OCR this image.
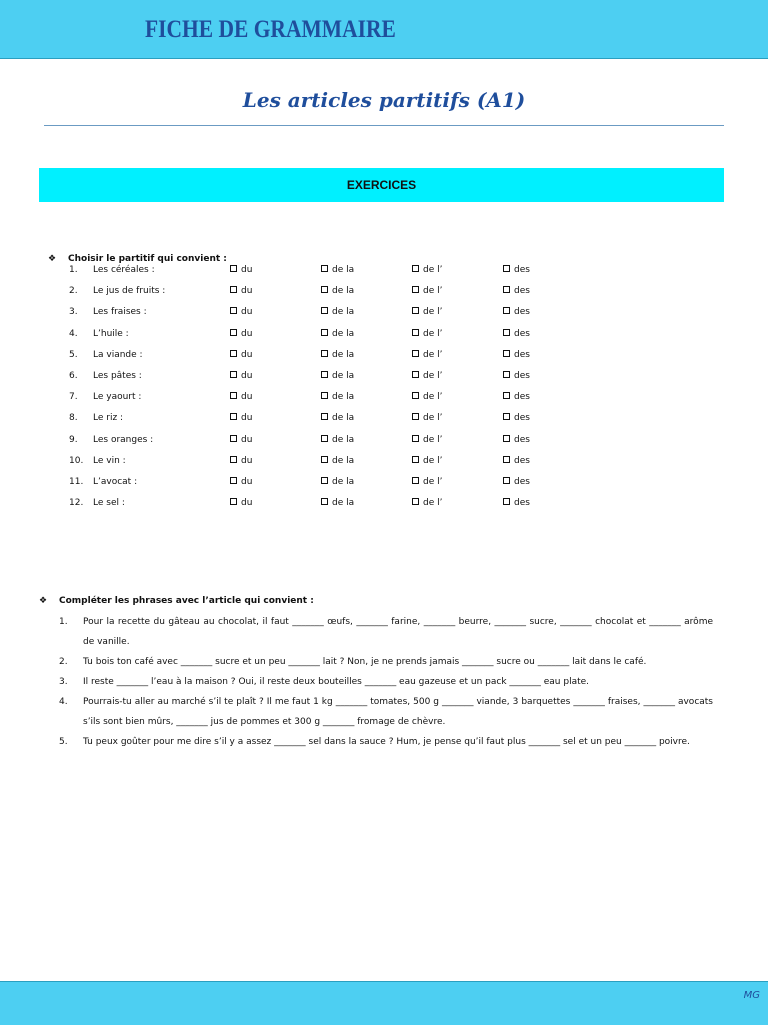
FICHE DE GRAMMAIRE
Les articles partitifs (A1)
EXERCICES
❖ Choisir le partitif qui convient :
1.	Les céréales :	du	de la	de l’	des
2.	Le jus de fruits :	du	de la	de l’	des
3.	Les fraises :	du	de la	de l’	des
4.	L’huile :	du	de la	de l’	des
5.	La viande :	du	de la	de l’	des
6.	Les pâtes :	du	de la	de l’	des
7.	Le yaourt :	du	de la	de l’	des
8.	Le riz :	du	de la	de l’	des
9.	Les oranges :	du	de la	de l’	des
10.	Le vin :	du	de la	de l’	des
11.	L’avocat :	du	de la	de l’	des
12.	Le sel :	du	de la	de l’	des
❖ Compléter les phrases avec l’article qui convient :
1. Pour la recette du gâteau au chocolat, il faut _______ œufs, _______ farine, _______ beurre, _______ sucre, _______ chocolat et _______ arôme de vanille.
2. Tu bois ton café avec _______ sucre et un peu _______ lait ? Non, je ne prends jamais _______ sucre ou _______ lait dans le café.
3. Il reste _______ l’eau à la maison ? Oui, il reste deux bouteilles _______ eau gazeuse et un pack _______ eau plate.
4. Pourrais-tu aller au marché s’il te plaît ? Il me faut 1 kg _______ tomates, 500 g _______ viande, 3 barquettes _______ fraises, _______ avocats s’ils sont bien mûrs, _______ jus de pommes et 300 g _______ fromage de chèvre.
5. Tu peux goûter pour me dire s’il y a assez _______ sel dans la sauce ? Hum, je pense qu’il faut plus _______ sel et un peu _______ poivre.
MG
